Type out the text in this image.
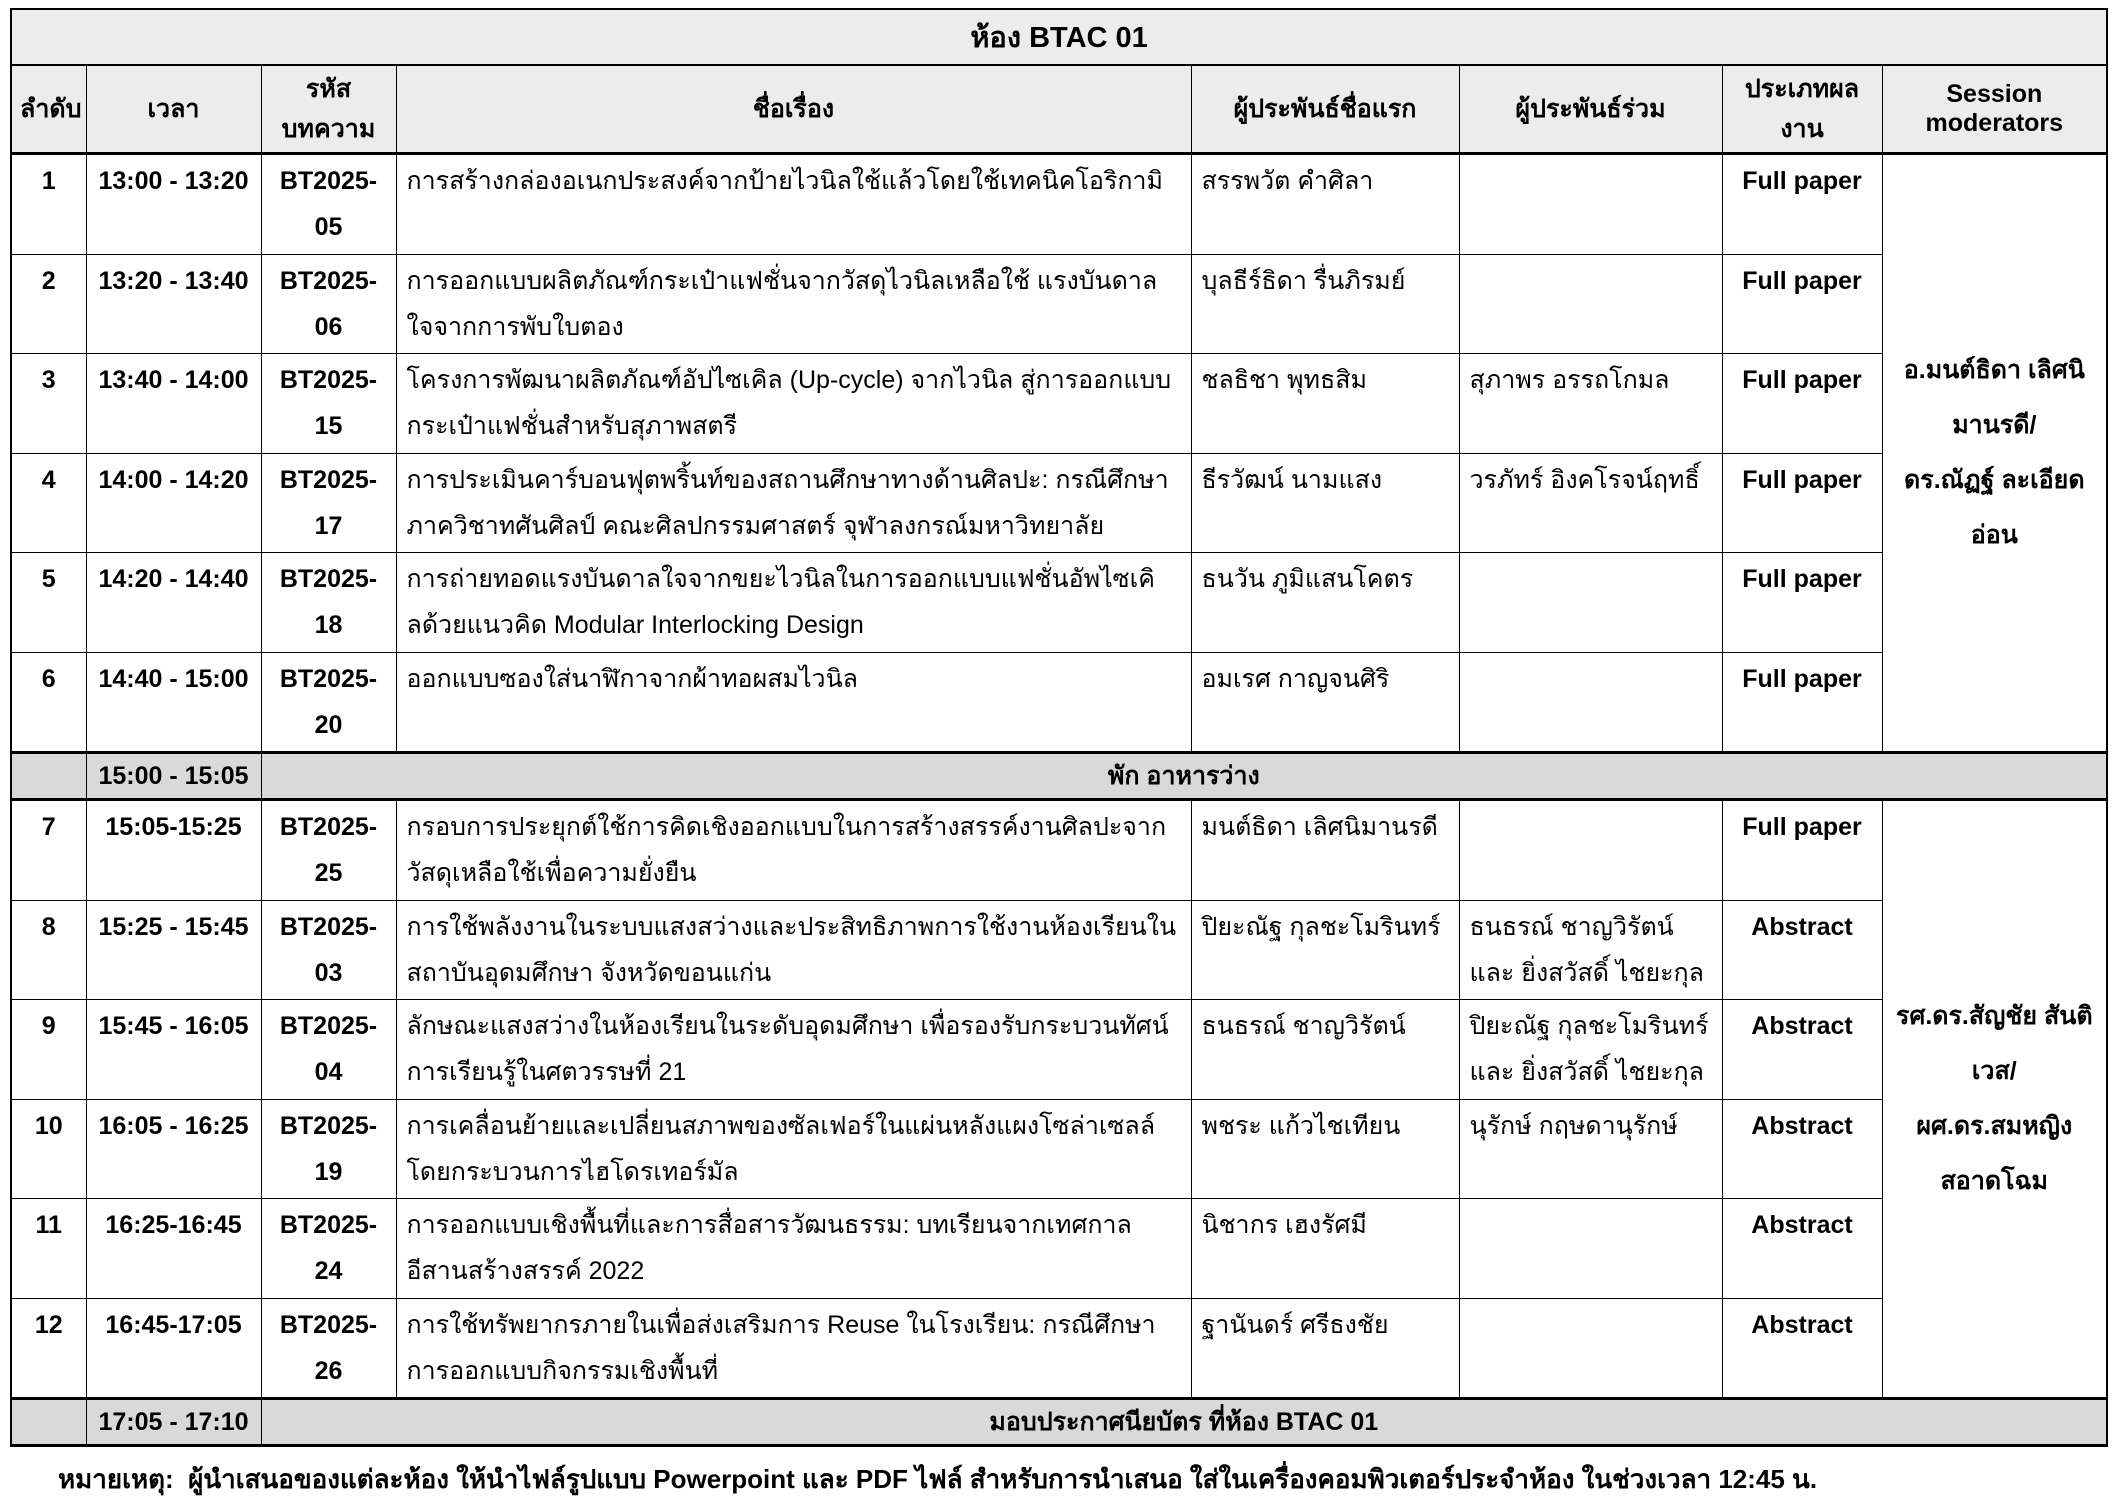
ห้อง BTAC 01							
ลำดับ	เวลา	รหัสบทความ	ชื่อเรื่อง	ผู้ประพันธ์ชื่อแรก	ผู้ประพันธ์ร่วม	ประเภทผลงาน	Session moderators
1	13:00 - 13:20	BT2025-05	การสร้างกล่องอเนกประสงค์จากป้ายไวนิลใช้แล้วโดยใช้เทคนิคโอริกามิ	สรรพวัต คำศิลา		Full paper	อ.มนต์ธิดา เลิศนิมานรดี/
ดร.ณัฏฐ์ ละเอียดอ่อน

2	13:20 - 13:40	BT2025-06	การออกแบบผลิตภัณฑ์กระเป๋าแฟชั่นจากวัสดุไวนิลเหลือใช้ แรงบันดาลใจจากการพับใบตอง	บุลธีร์ธิดา รื่นภิรมย์		Full paper	
3	13:40 - 14:00	BT2025-15	โครงการพัฒนาผลิตภัณฑ์อัปไซเคิล (Up-cycle) จากไวนิล สู่การออกแบบกระเป๋าแฟชั่นสำหรับสุภาพสตรี	ชลธิชา พุทธสิม	สุภาพร อรรถโกมล	Full paper	
4	14:00 - 14:20	BT2025-17	การประเมินคาร์บอนฟุตพริ้นท์ของสถานศึกษาทางด้านศิลปะ: กรณีศึกษาภาควิชาทศันศิลป์ คณะศิลปกรรมศาสตร์ จุฬาลงกรณ์มหาวิทยาลัย	ธีรวัฒน์ นามแสง	วรภัทร์ อิงคโรจน์ฤทธิ์	Full paper	
5	14:20 - 14:40	BT2025-18	การถ่ายทอดแรงบันดาลใจจากขยะไวนิลในการออกแบบแฟชั่นอัพไซเคิลด้วยแนวคิด Modular Interlocking Design	ธนวัน ภูมิแสนโคตร		Full paper	
6	14:40 - 15:00	BT2025-20	ออกแบบซองใส่นาฬิกาจากผ้าทอผสมไวนิล	อมเรศ กาญจนศิริ		Full paper	
	15:00 - 15:05	พัก อาหารว่าง					
7	15:05-15:25	BT2025-25	กรอบการประยุกต์ใช้การคิดเชิงออกแบบในการสร้างสรรค์งานศิลปะจากวัสดุเหลือใช้เพื่อความยั่งยืน	มนต์ธิดา เลิศนิมานรดี		Full paper	รศ.ดร.สัญชัย สันติเวส/
ผศ.ดร.สมหญิง สอาดโฉม

8	15:25 - 15:45	BT2025-03	การใช้พลังงานในระบบแสงสว่างและประสิทธิภาพการใช้งานห้องเรียนในสถาบันอุดมศึกษา จังหวัดขอนแก่น	ปิยะณัฐ กุลชะโมรินทร์	ธนธรณ์ ชาญวิรัตน์ และ ยิ่งสวัสดิ์ ไชยะกุล	Abstract	
9	15:45 - 16:05	BT2025-04	ลักษณะแสงสว่างในห้องเรียนในระดับอุดมศึกษา เพื่อรองรับกระบวนทัศน์การเรียนรู้ในศตวรรษที่ 21	ธนธรณ์ ชาญวิรัตน์	ปิยะณัฐ กุลชะโมรินทร์ และ ยิ่งสวัสดิ์ ไชยะกุล	Abstract	
10	16:05 - 16:25	BT2025-19	การเคลื่อนย้ายและเปลี่ยนสภาพของซัลเฟอร์ในแผ่นหลังแผงโซล่าเซลล์โดยกระบวนการไฮโดรเทอร์มัล	พชระ แก้วไชเทียน	นุรักษ์ กฤษดานุรักษ์	Abstract	
11	16:25-16:45	BT2025-24	การออกแบบเชิงพื้นที่และการสื่อสารวัฒนธรรม: บทเรียนจากเทศกาลอีสานสร้างสรรค์ 2022	นิชากร เฮงรัศมี		Abstract	
12	16:45-17:05	BT2025-26	การใช้ทรัพยากรภายในเพื่อส่งเสริมการ Reuse ในโรงเรียน: กรณีศึกษาการออกแบบกิจกรรมเชิงพื้นที่	ฐานันดร์ ศรีธงชัย		Abstract	
	17:05 - 17:10	มอบประกาศนียบัตร ที่ห้อง BTAC 01					
หมายเหตุ: ผู้นำเสนอของแต่ละห้อง ให้นำไฟล์รูปแบบ Powerpoint และ PDF ไฟล์ สำหรับการนำเสนอ ใส่ในเครื่องคอมพิวเตอร์ประจำห้อง ในช่วงเวลา 12:45 น.
